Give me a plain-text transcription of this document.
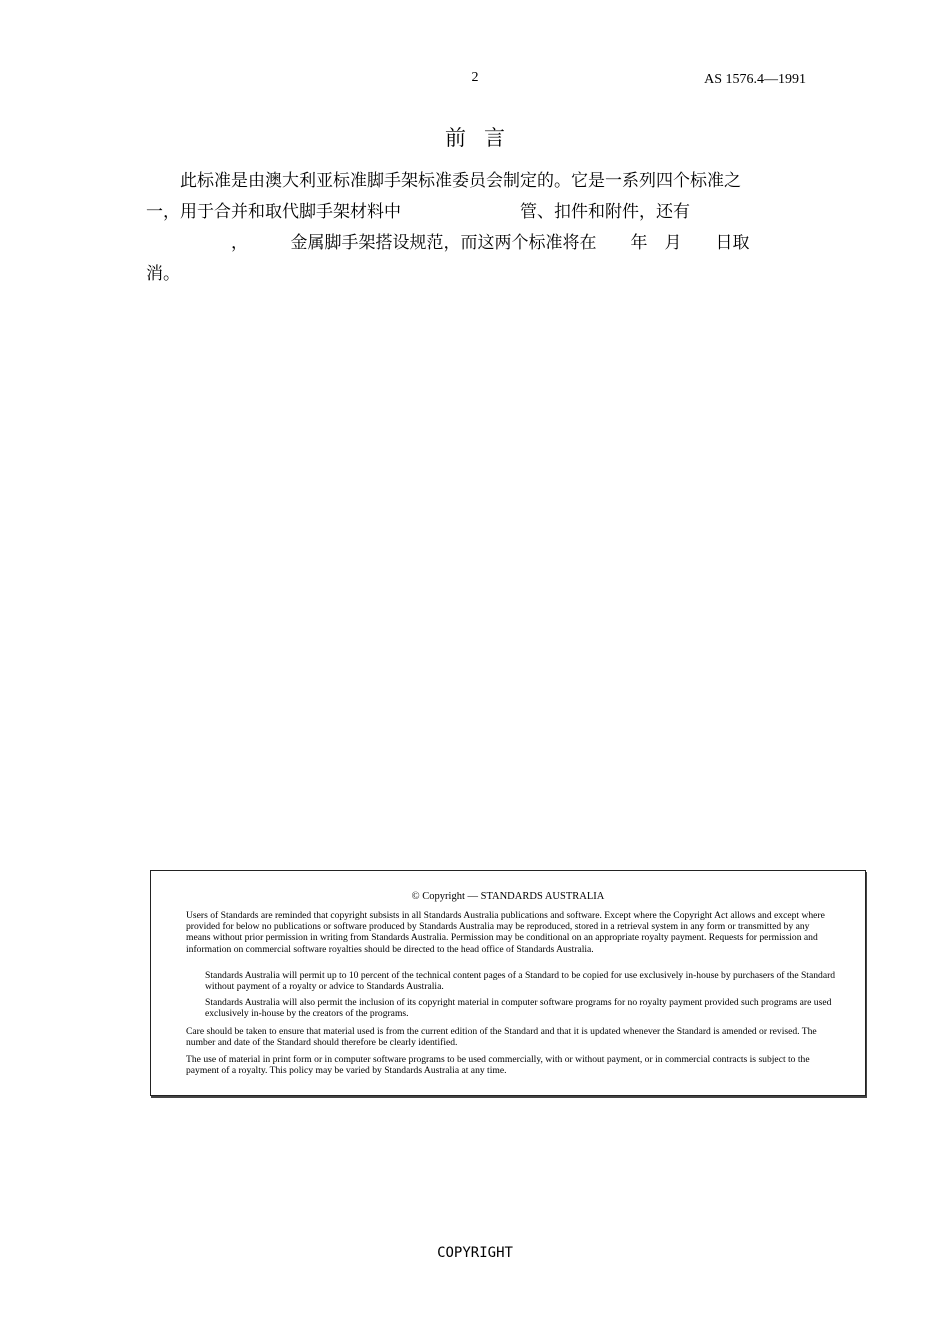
2	AS 1576.4—1991
前言
　　此标准是由澳大利亚标准脚手架标准委员会制定的。它是一系列四个标准之
一，用于合并和取代脚手架材料中　　　　　　　管、扣件和附件，还有
　　　　　，　　　金属脚手架搭设规范，而这两个标准将在　　年　月　　日取
消。
© Copyright — STANDARDS AUSTRALIA

Users of Standards are reminded that copyright subsists in all Standards Australia publications and software. Except where the Copyright Act allows and except where provided for below no publications or software produced by Standards Australia may be reproduced, stored in a retrieval system in any form or transmitted by any means without prior permission in writing from Standards Australia. Permission may be conditional on an appropriate royalty payment. Requests for permission and information on commercial software royalties should be directed to the head office of Standards Australia.

Standards Australia will permit up to 10 percent of the technical content pages of a Standard to be copied for use exclusively in-house by purchasers of the Standard without payment of a royalty or advice to Standards Australia.

Standards Australia will also permit the inclusion of its copyright material in computer software programs for no royalty payment provided such programs are used exclusively in-house by the creators of the programs.

Care should be taken to ensure that material used is from the current edition of the Standard and that it is updated whenever the Standard is amended or revised. The number and date of the Standard should therefore be clearly identified.

The use of material in print form or in computer software programs to be used commercially, with or without payment, or in commercial contracts is subject to the payment of a royalty. This policy may be varied by Standards Australia at any time.

COPYRIGHT
